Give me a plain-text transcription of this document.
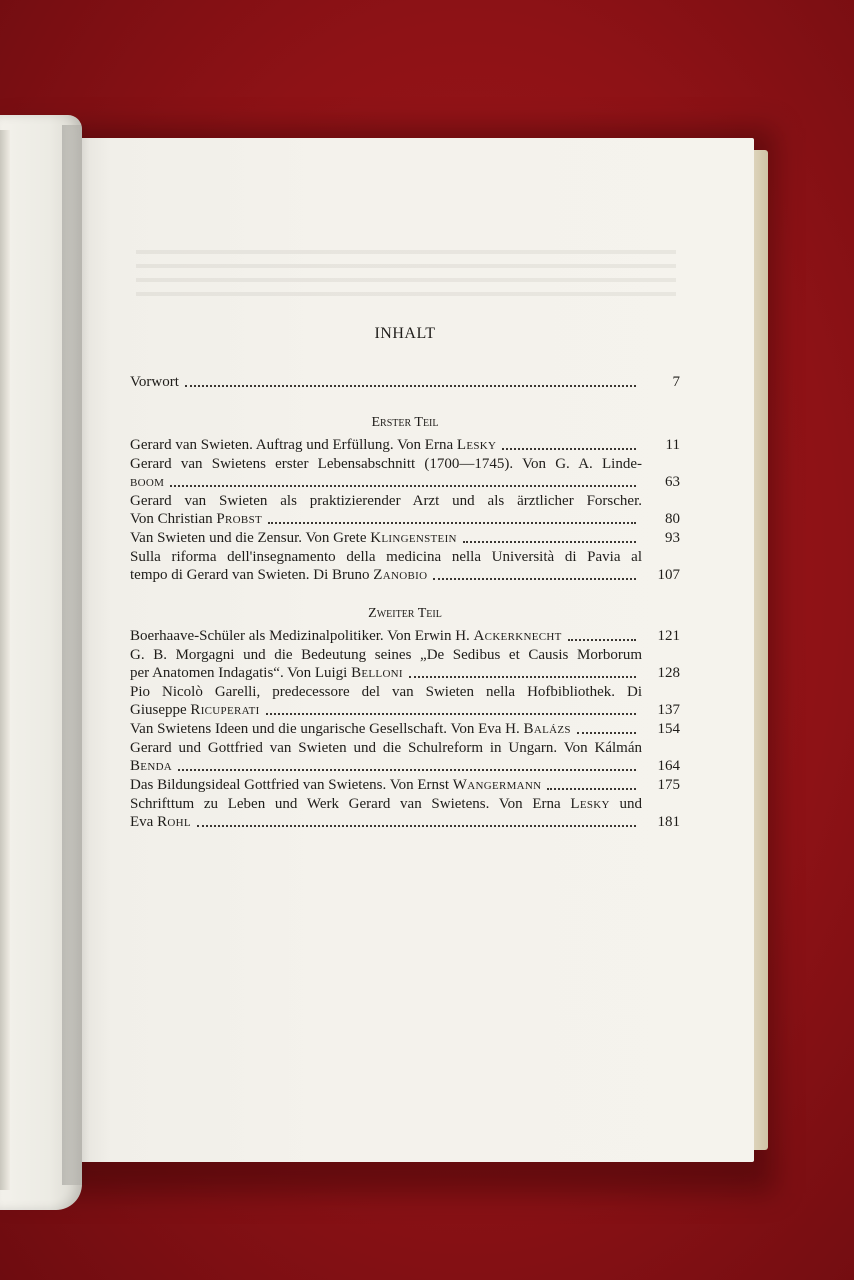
INHALT
Vorwort	7
Erster Teil
Gerard van Swieten. Auftrag und Erfüllung. Von Erna Lesky	11
Gerard van Swietens erster Lebensabschnitt (1700—1745). Von G. A. Linde-
boom	63
Gerard van Swieten als praktizierender Arzt und als ärztlicher Forscher.
Von Christian Probst	80
Van Swieten und die Zensur. Von Grete Klingenstein	93
Sulla riforma dell'insegnamento della medicina nella Università di Pavia al
tempo di Gerard van Swieten. Di Bruno Zanobio	107
Zweiter Teil
Boerhaave-Schüler als Medizinalpolitiker. Von Erwin H. Ackerknecht	121
G. B. Morgagni und die Bedeutung seines „De Sedibus et Causis Morborum
per Anatomen Indagatis“. Von Luigi Belloni	128
Pio Nicolò Garelli, predecessore del van Swieten nella Hofbibliothek. Di
Giuseppe Ricuperati	137
Van Swietens Ideen und die ungarische Gesellschaft. Von Eva H. Balázs	154
Gerard und Gottfried van Swieten und die Schulreform in Ungarn. Von Kálmán
Benda	164
Das Bildungsideal Gottfried van Swietens. Von Ernst Wangermann	175
Schrifttum zu Leben und Werk Gerard van Swietens. Von Erna Lesky und
Eva Rohl	181
